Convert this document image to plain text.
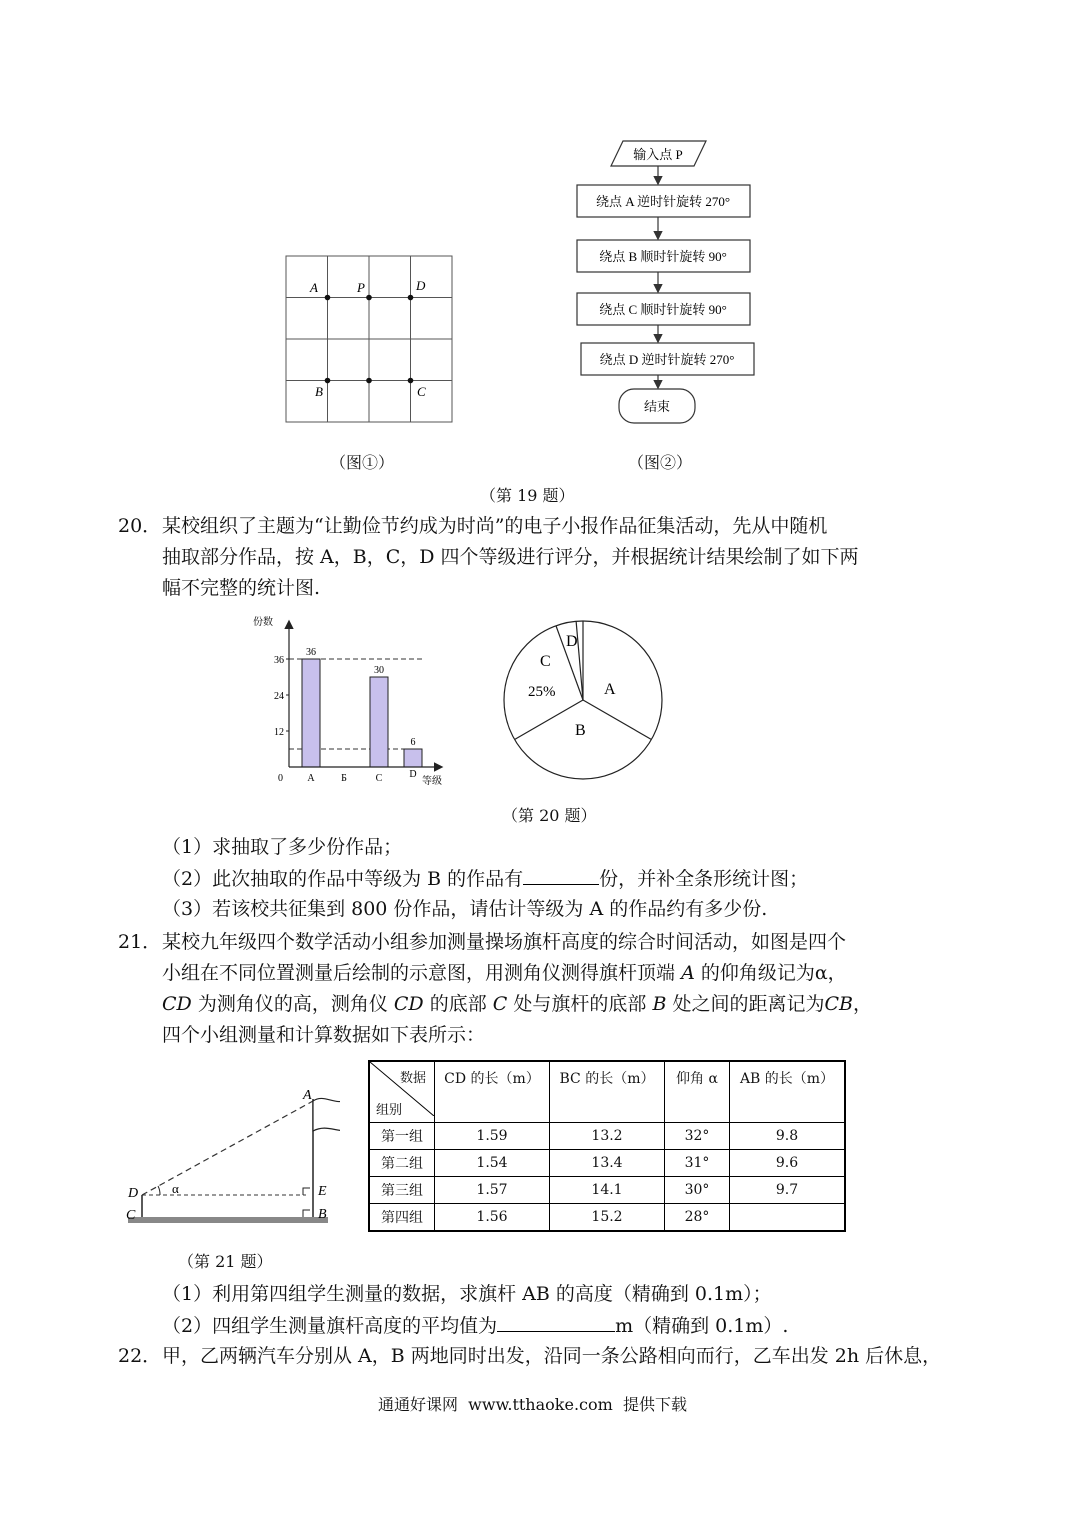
A	P	D
B	C
输入点 P
绕点 A 逆时针旋转 270°
绕点 B 顺时针旋转 90°
绕点 C 顺时针旋转 90°
绕点 D 逆时针旋转 270°
结束
（图①）	（图②）
（第 19 题）
20． 某校组织了主题为“让勤俭节约成为时尚”的电子小报作品征集活动，先从中随机
抽取部分作品，按 A，B，C，D 四个等级进行评分，并根据统计结果绘制了如下两
幅不完整的统计图.
0
12
24
36
36
A	Б
30
C
6
D
份数
等级
A
B
C
D
25%
（第 20 题）
（1）求抽取了多少份作品；
（2）此次抽取的作品中等级为 B 的作品有	份，并补全条形统计图；
（3）若该校共征集到 800 份作品，请估计等级为 A 的作品约有多少份.
21． 某校九年级四个数学活动小组参加测量操场旗杆高度的综合时间活动，如图是四个
小组在不同位置测量后绘制的示意图，用测角仪测得旗杆顶端 A 的仰角级记为α，
CD 为测角仪的高，测角仪 CD 的底部 C 处与旗杆的底部 B 处之间的距离记为CB，
四个小组测量和计算数据如下表所示：
A
D
C
E
B
α
数据
组别	CD 的长（m）	BC 的长（m）	仰角 α	AB 的长（m）
第一组	1.59	13.2	32°	9.8
第二组	1.54	13.4	31°	9.6
第三组	1.57	14.1	30°	9.7
第四组	1.56	15.2	28°	
（第 21 题）
（1）利用第四组学生测量的数据，求旗杆 AB 的高度（精确到 0.1m）；
（2）四组学生测量旗杆高度的平均值为	m（精确到 0.1m）.
22． 甲，乙两辆汽车分别从 A，B 两地同时出发，沿同一条公路相向而行，乙车出发 2h 后休息，
通通好课网  www.tthaoke.com  提供下载
